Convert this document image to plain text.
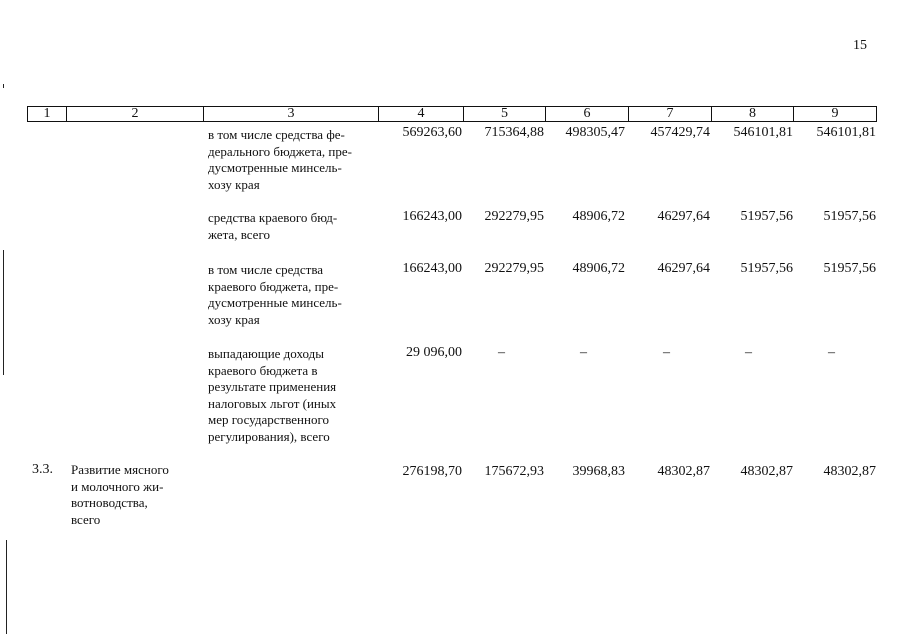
15
1	2	3	4	5	6	7	8	9
в том числе средства фе-
дерального бюджета, пре-
дусмотренные минсель-
хозу края
569263,60 715364,88 498305,47 457429,74 546101,81 546101,81
средства краевого бюд-
жета, всего
166243,00 292279,95 48906,72 46297,64 51957,56 51957,56
в том числе средства
краевого бюджета, пре-
дусмотренные минсель-
хозу края
166243,00 292279,95 48906,72 46297,64 51957,56 51957,56
выпадающие доходы
краевого бюджета в
результате применения
налоговых льгот (иных
мер государственного
регулирования), всего
29 096,00	–	–	–	–	–
3.3. Развитие мясного
и молочного жи-
вотноводства,
всего
276198,70 175672,93 39968,83 48302,87 48302,87 48302,87
